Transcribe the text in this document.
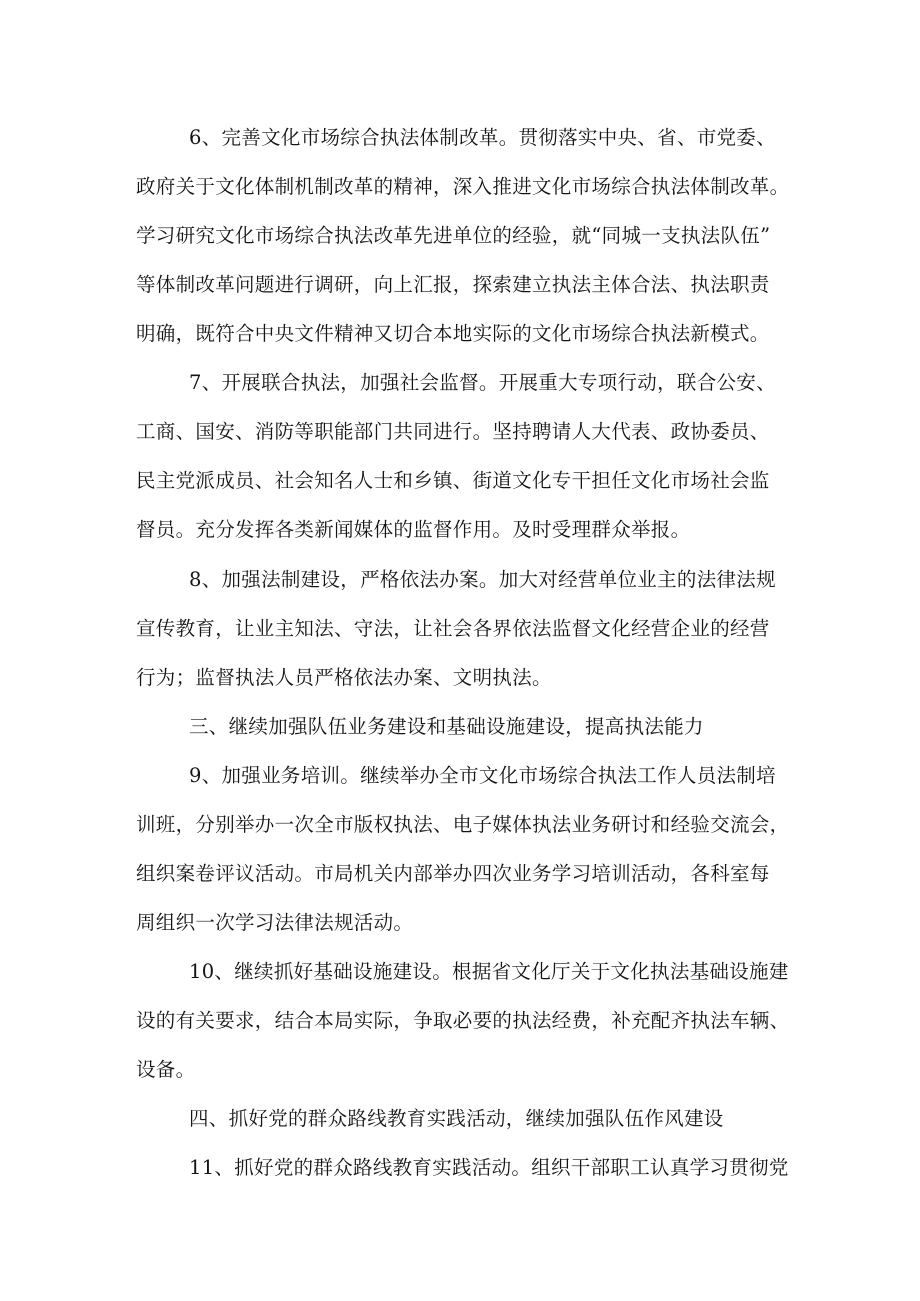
6、完善文化市场综合执法体制改革。贯彻落实中央、省、市党委、
政府关于文化体制机制改革的精神，深入推进文化市场综合执法体制改革。
学习研究文化市场综合执法改革先进单位的经验，就“同城一支执法队伍”
等体制改革问题进行调研，向上汇报，探索建立执法主体合法、执法职责
明确，既符合中央文件精神又切合本地实际的文化市场综合执法新模式。
7、开展联合执法，加强社会监督。开展重大专项行动，联合公安、
工商、国安、消防等职能部门共同进行。坚持聘请人大代表、政协委员、
民主党派成员、社会知名人士和乡镇、街道文化专干担任文化市场社会监
督员。充分发挥各类新闻媒体的监督作用。及时受理群众举报。
8、加强法制建设，严格依法办案。加大对经营单位业主的法律法规
宣传教育，让业主知法、守法，让社会各界依法监督文化经营企业的经营
行为；监督执法人员严格依法办案、文明执法。
三、继续加强队伍业务建设和基础设施建设，提高执法能力
9、加强业务培训。继续举办全市文化市场综合执法工作人员法制培
训班，分别举办一次全市版权执法、电子媒体执法业务研讨和经验交流会，
组织案卷评议活动。市局机关内部举办四次业务学习培训活动，各科室每
周组织一次学习法律法规活动。
10、继续抓好基础设施建设。根据省文化厅关于文化执法基础设施建
设的有关要求，结合本局实际，争取必要的执法经费，补充配齐执法车辆、
设备。
四、抓好党的群众路线教育实践活动，继续加强队伍作风建设
11、抓好党的群众路线教育实践活动。组织干部职工认真学习贯彻党
